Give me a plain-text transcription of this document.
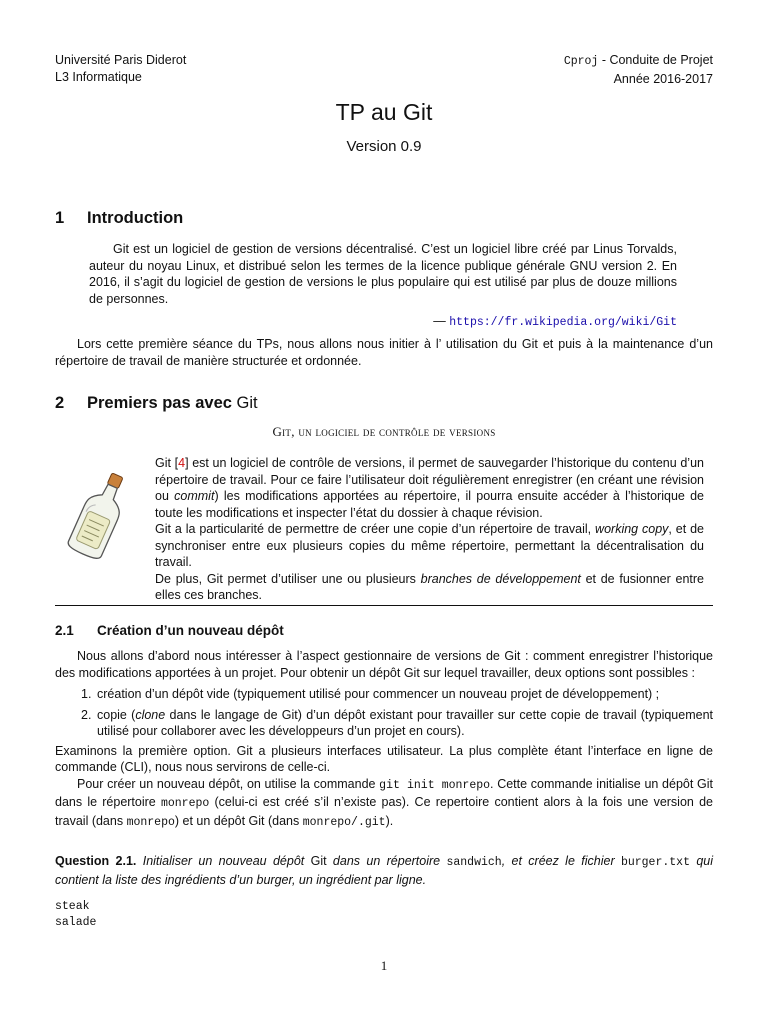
Université Paris Diderot
L3 Informatique
Cproj - Conduite de Projet
Année 2016-2017
TP au Git
Version 0.9
1 Introduction
Git est un logiciel de gestion de versions décentralisé. C’est un logiciel libre créé par Linus Torvalds, auteur du noyau Linux, et distribué selon les termes de la licence publique générale GNU version 2. En 2016, il s’agit du logiciel de gestion de versions le plus populaire qui est utilisé par plus de douze millions de personnes.
— https://fr.wikipedia.org/wiki/Git
Lors cette première séance du TPs, nous allons nous initier à l’ utilisation du Git et puis à la maintenance d’un répertoire de travail de manière structurée et ordonnée.
2 Premiers pas avec Git
Git, un logiciel de contrôle de versions

Git [4] est un logiciel de contrôle de versions, il permet de sauvegarder l’historique du contenu d’un répertoire de travail. Pour ce faire l’utilisateur doit régulièrement enregistrer (en créant une révision ou commit) les modifications apportées au répertoire, il pourra ensuite accéder à l’historique de toute les modifications et inspecter l’état du dossier à chaque révision.

Git a la particularité de permettre de créer une copie d’un répertoire de travail, working copy, et de synchroniser entre eux plusieurs copies du même répertoire, permettant la décentralisation du travail.

De plus, Git permet d’utiliser une ou plusieurs branches de développement et de fusionner entre elles ces branches.

2.1 Création d’un nouveau dépôt

Nous allons d’abord nous intéresser à l’aspect gestionnaire de versions de Git : comment enregistrer l’historique des modifications apportées à un projet. Pour obtenir un dépôt Git sur lequel travailler, deux options sont possibles :

1. création d’un dépôt vide (typiquement utilisé pour commencer un nouveau projet de développement) ;
2. copie (clone dans le langage de Git) d’un dépôt existant pour travailler sur cette copie de travail (typiquement utilisé pour collaborer avec les développeurs d’un projet en cours).

Examinons la première option. Git a plusieurs interfaces utilisateur. La plus complète étant l’interface en ligne de commande (CLI), nous nous servirons de celle-ci.

Pour créer un nouveau dépôt, on utilise la commande git init monrepo. Cette commande initialise un dépôt Git dans le répertoire monrepo (celui-ci est créé s’il n’existe pas). Ce repertoire contient alors à la fois une version de travail (dans monrepo) et un dépôt Git (dans monrepo/.git).

Question 2.1. Initialiser un nouveau dépôt Git dans un répertoire sandwich, et créez le fichier burger.txt qui contient la liste des ingrédients d’un burger, un ingrédient par ligne.
steak
salade
1
